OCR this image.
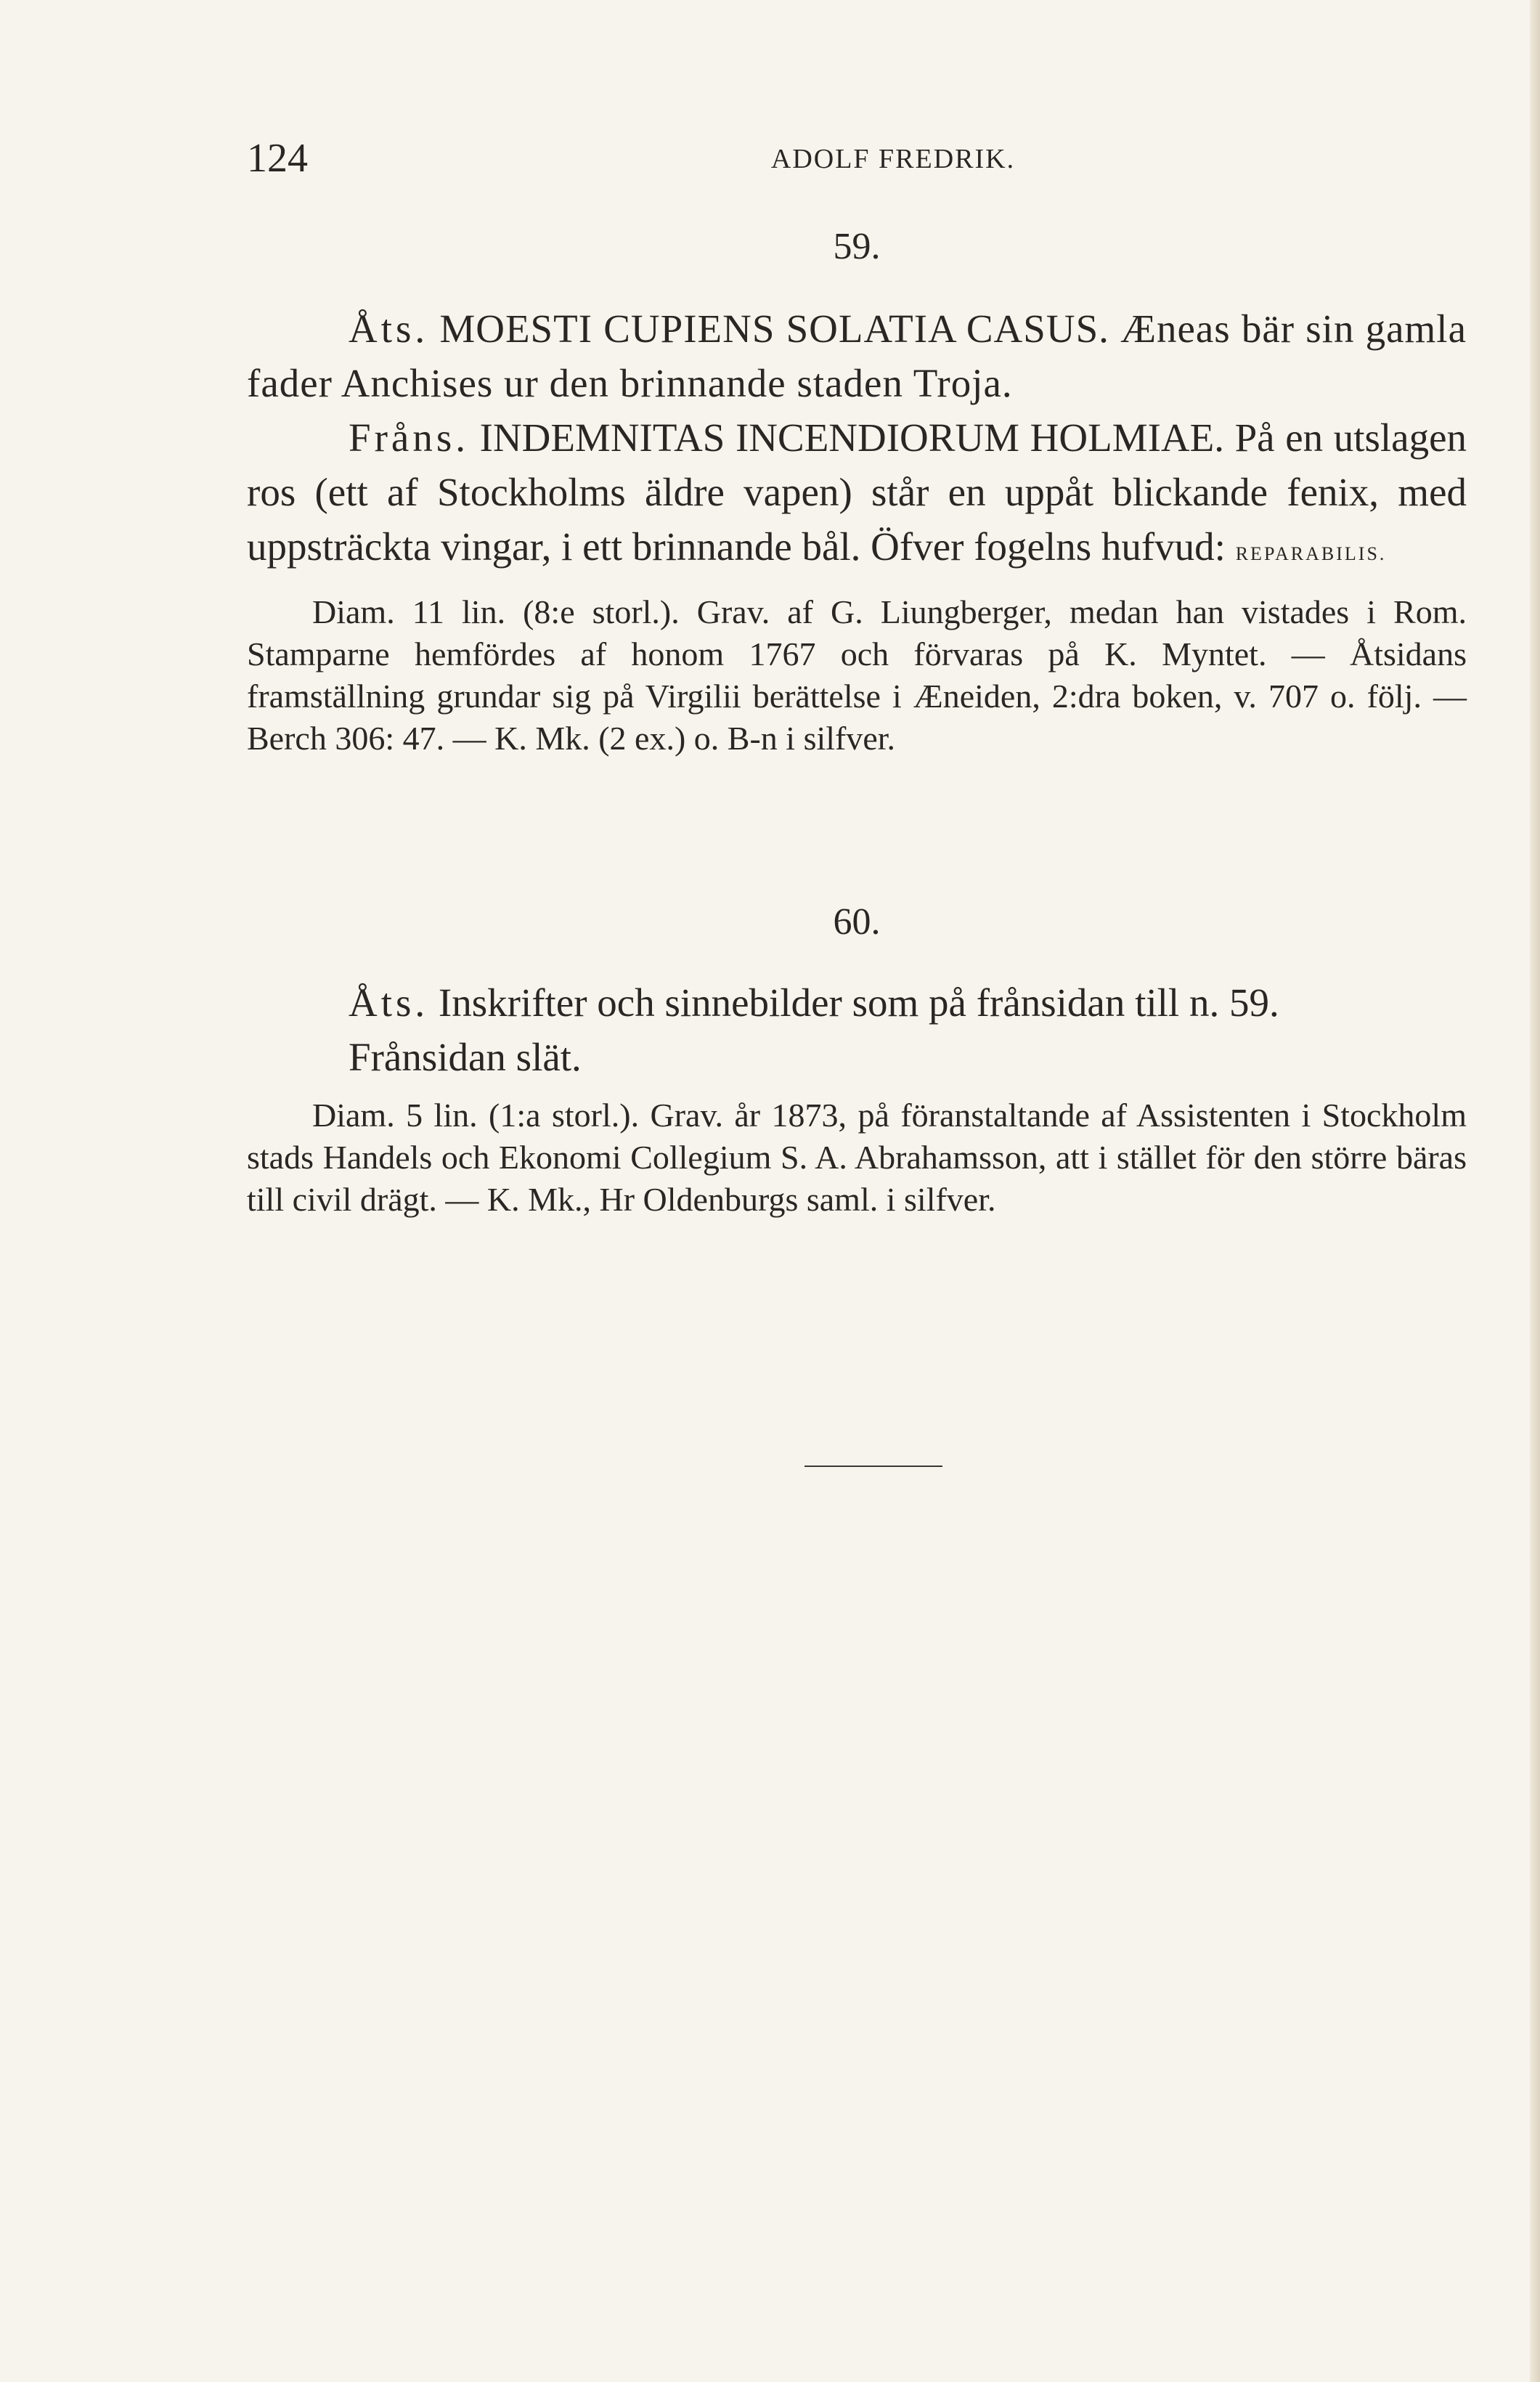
124	ADOLF FREDRIK.

59.

Åts. MOESTI CUPIENS SOLATIA CASUS. Æneas bär sin gamla fader Anchises ur den brinnande staden Troja.

Fråns. INDEMNITAS INCENDIORUM HOLMIAE. På en utslagen ros (ett af Stockholms äldre vapen) står en uppåt blickande fenix, med uppsträckta vingar, i ett brinnande bål. Öfver fogelns hufvud: REPARABILIS.

Diam. 11 lin. (8:e storl.). Grav. af G. Liungberger, medan han vistades i Rom. Stamparne hemfördes af honom 1767 och förvaras på K. Myntet. — Åtsidans framställning grundar sig på Virgilii berättelse i Æneiden, 2:dra boken, v. 707 o. följ. — Berch 306: 47. — K. Mk. (2 ex.) o. B-n i silfver.

60.

Åts. Inskrifter och sinnebilder som på frånsidan till n. 59.

Frånsidan slät.

Diam. 5 lin. (1:a storl.). Grav. år 1873, på föranstaltande af Assistenten i Stockholm stads Handels och Ekonomi Collegium S. A. Abrahamsson, att i stället för den större bäras till civil drägt. — K. Mk., Hr Oldenburgs saml. i silfver.
